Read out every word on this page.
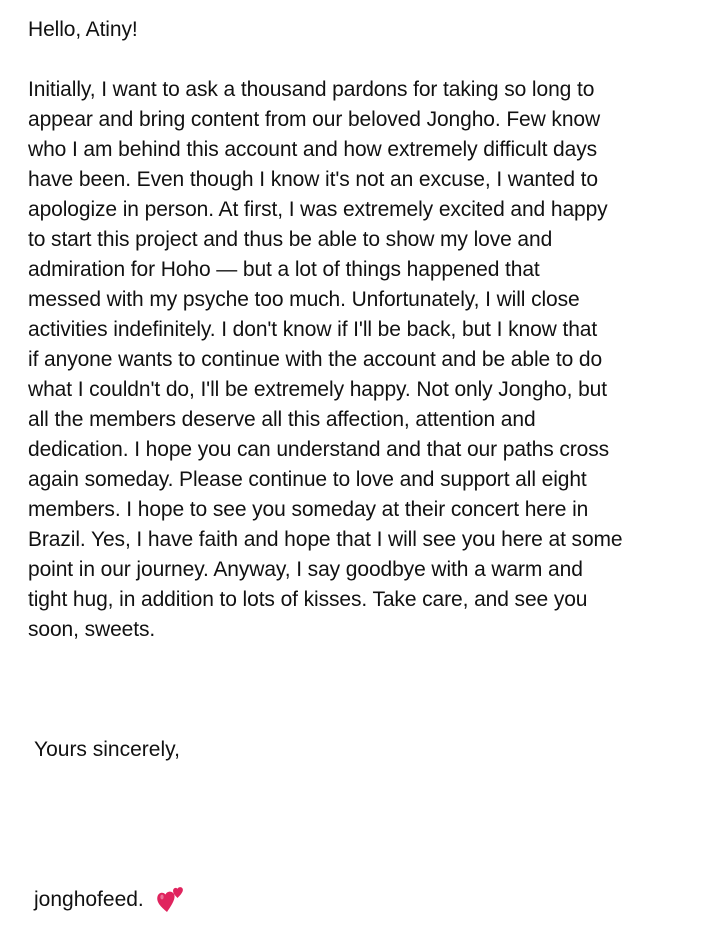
Hello, Atiny!
Initially, I want to ask a thousand pardons for taking so long to
appear and bring content from our beloved Jongho. Few know
who I am behind this account and how extremely difficult days
have been. Even though I know it's not an excuse, I wanted to
apologize in person. At first, I was extremely excited and happy
to start this project and thus be able to show my love and
admiration for Hoho — but a lot of things happened that
messed with my psyche too much. Unfortunately, I will close
activities indefinitely. I don't know if I'll be back, but I know that
if anyone wants to continue with the account and be able to do
what I couldn't do, I'll be extremely happy. Not only Jongho, but
all the members deserve all this affection, attention and
dedication. I hope you can understand and that our paths cross
again someday. Please continue to love and support all eight
members. I hope to see you someday at their concert here in
Brazil. Yes, I have faith and hope that I will see you here at some
point in our journey. Anyway, I say goodbye with a warm and
tight hug, in addition to lots of kisses. Take care, and see you
soon, sweets.
Yours sincerely,
jonghofeed.
